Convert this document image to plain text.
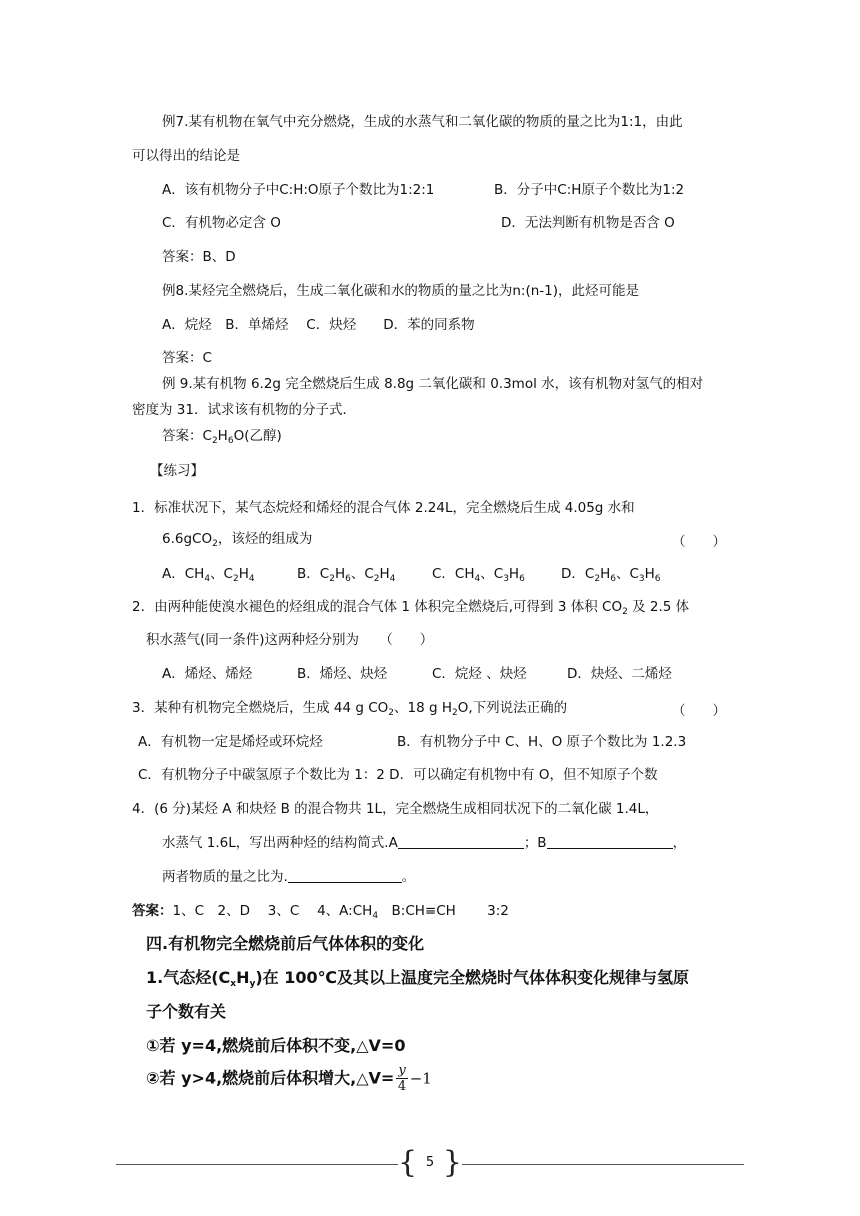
例7.某有机物在氧气中充分燃烧，生成的水蒸气和二氧化碳的物质的量之比为1:1，由此
可以得出的结论是
A．该有机物分子中C:H:O原子个数比为1:2:1	B．分子中C:H原子个数比为1:2
C．有机物必定含 O	D．无法判断有机物是否含 O
答案：B、D
例8.某烃完全燃烧后，生成二氧化碳和水的物质的量之比为n:(n-1)，此烃可能是
A．烷烃　B．单烯烃　 C．炔烃　　D．苯的同系物
答案：C
例 9.某有机物 6.2g 完全燃烧后生成 8.8g 二氧化碳和 0.3mol 水，该有机物对氢气的相对
密度为 31．试求该有机物的分子式．
答案：$C_2H_6O$(乙醇)
【练习】
1．标准状况下，某气态烷烃和烯烃的混合气体 2.24L，完全燃烧后生成 4.05g 水和
6.6gCO$_2$，该烃的组成为	（　　）
A．$CH_4$、$C_2H_4$	B．$C_2H_6$、$C_2H_4$	C．$CH_4$、$C_3H_6$	D．$C_2H_6$、$C_3H_6$
2．由两种能使溴水褪色的烃组成的混合气体 1 体积完全燃烧后,可得到 3 体积 $CO_2$ 及 2.5 体
积水蒸气(同一条件)这两种烃分别为　　 （　　）
A．烯烃、烯烃	B．烯烃、炔烃	C．烷烃 、炔烃	D．炔烃、二烯烃
3．某种有机物完全燃烧后，生成 44 g $CO_2$、18 g $H_2O$,下列说法正确的	（　　）
A．有机物一定是烯烃或环烷烃	B．有机物分子中 C、H、O 原子个数比为 1.2.3
C．有机物分子中碳氢原子个数比为 1：2 D．可以确定有机物中有 O，但不知原子个数
4．(6 分)某烃 A 和炔烃 B 的混合物共 1L，完全燃烧生成相同状况下的二氧化碳 1.4L，
水蒸气 1.6L，写出两种烃的结构简式.A	；B	，
两者物质的量之比为.	。
答案：1、C　2、D　 3、C　 4、$A:CH_4$　B:CH≡CH　　 3:2
四.有机物完全燃烧前后气体体积的变化
1.气态烃$(C_xH_y)$在 100℃及其以上温度完全燃烧时气体体积变化规律与氢原
子个数有关
①若 y=4,燃烧前后体积不变,△V=0
②若 y>4,燃烧前后体积增大,△V= $\frac{y}{4} -1$
{ 5 }
